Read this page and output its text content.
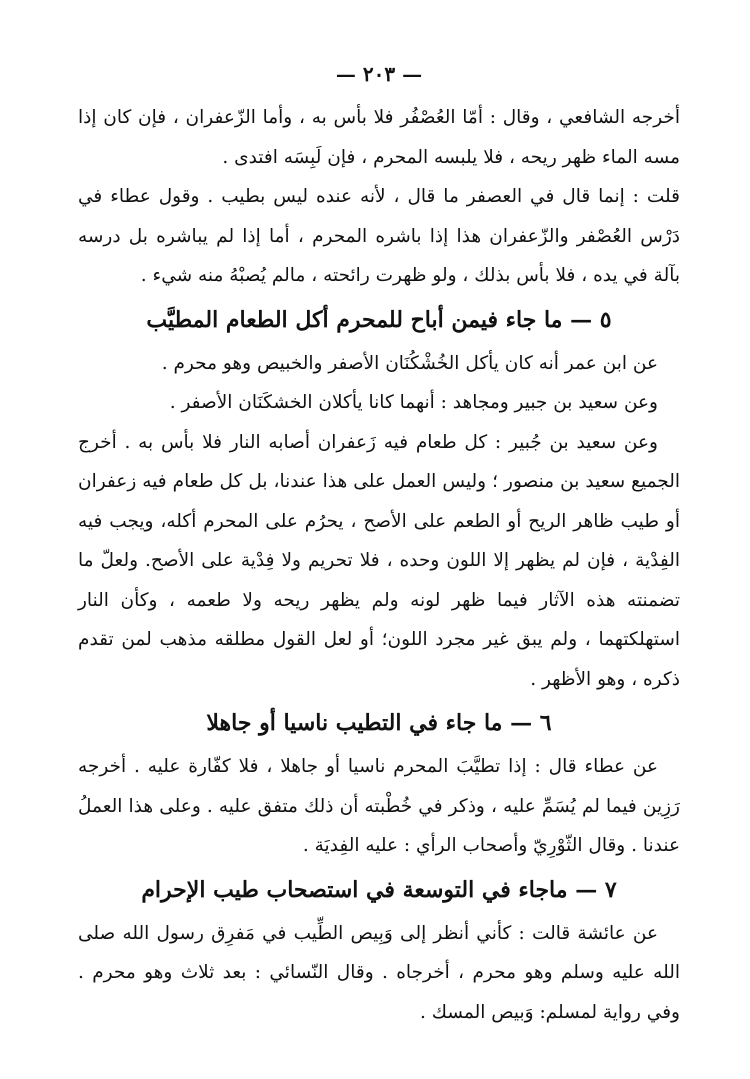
— ٢٠٣ —

أخرجه الشافعي ، وقال : أمّا العُصْفُر فلا بأس به ، وأما الزّعفران ، فإن كان إذا مسه الماء ظهر ريحه ، فلا يلبسه المحرم ، فإن لَبِسَه افتدى .

قلت : إنما قال في العصفر ما قال ، لأنه عنده ليس بطيب . وقول عطاء في دَرْس العُصْفر والزّعفران هذا إذا باشره المحرم ، أما إذا لم يباشره بل درسه بآلة في يده ، فلا بأس بذلك ، ولو ظهرت رائحته ، مالم يُصبْهُ منه شيء .

٥ — ما جاء فيمن أباح للمحرم أكل الطعام المطيَّب

عن ابن عمر أنه كان يأكل الخُشْكُنَان الأصفر والخبيص وهو محرم .

وعن سعيد بن جبير ومجاهد : أنهما كانا يأكلان الخشكَنَان الأصفر .

وعن سعيد بن جُبير : كل طعام فيه زَعفران أصابه النار فلا بأس به . أخرج الجميع سعيد بن منصور ؛ وليس العمل على هذا عندنا، بل كل طعام فيه زعفران أو طيب ظاهر الريح أو الطعم على الأصح ، يحرُم على المحرم أكله، ويجب فيه الفِدْية ، فإن لم يظهر إلا اللون وحده ، فلا تحريم ولا فِدْية على الأصح. ولعلّ ما تضمنته هذه الآثار فيما ظهر لونه ولم يظهر ريحه ولا طعمه ، وكأن النار استهلكتهما ، ولم يبق غير مجرد اللون؛ أو لعل القول مطلقه مذهب لمن تقدم ذكره ، وهو الأظهر .

٦ — ما جاء في التطيب ناسيا أو جاهلا

عن عطاء قال : إذا تطيَّبَ المحرم ناسيا أو جاهلا ، فلا كفّارة عليه . أخرجه رَزِين فيما لم يُسَمِّ عليه ، وذكر في خُطْبته أن ذلك متفق عليه . وعلى هذا العملُ عندنا . وقال الثّوْرِيّ وأصحاب الرأي : عليه الفِديَة .

٧ — ماجاء في التوسعة في استصحاب طيب الإحرام

عن عائشة قالت : كأني أنظر إلى وَبِيص الطِّيب في مَفرِق رسول الله صلى الله عليه وسلم وهو محرم ، أخرجاه . وقال النّسائي : بعد ثلاث وهو محرم . وفي رواية لمسلم: وَبيص المسك .
